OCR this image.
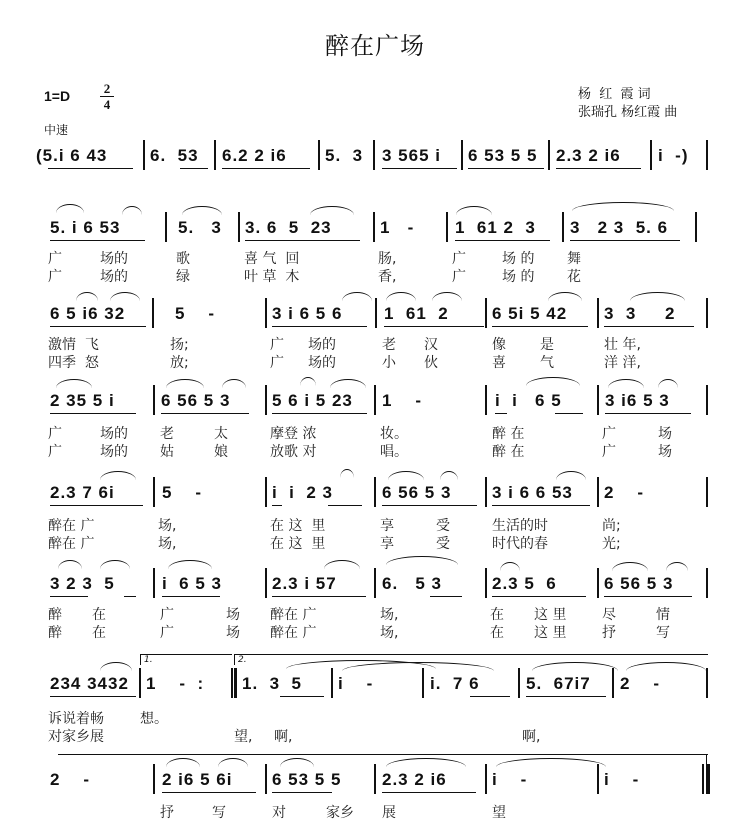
醉在广场
1=D	2
4
杨  红  霞 词
张瑞孔 杨红霞 曲
中速
(5.i 6 43	6.  53 6.2 2 i6 5.  3 3 565 i 6 53 5 5 2.3 2 i6 i  -)
5. i 6 53	5.   3 3. 6  5  23	1   - 1  61 2  3 3   2 3  5. 6
广	场的	歌	喜 气  回	肠,	广	场 的 舞
广	场的	绿	叶 草  木	香,	广	场 的 花
6 5 i6 32	5    -	3 i 6 5 6 1  61  2	6 5i 5 42 3  3     2
激情  飞	扬;	广 场的	老 汉	像 是	壮 年,
四季  怒	放;	广 场的	小 伙	喜 气	洋 洋,
2 35 5 i	6 56 5 3 5 6 i 5 23 1    -	i  i   6 5	3 i6 5 3
广	场的 老	太	摩登 浓	妆。	醉 在	广	场
广	场的 姑	娘	放歌 对	唱。	醉 在	广	场
2.3 7 6i	5    -	i  i  2 3	6 56 5 3 3 i 6 6 53 2    -
醉在 广	场,	在 这  里	享	受	生活的时	尚;
醉在 广	场,	在 这  里	享	受	时代的春	光;
3 2 3  5	i  6 5 3	2.3 i 57	6.   5 3	2.3 5  6	6 56 5 3
醉 在	广	场 醉在 广	场,	在 这 里	尽	情
醉 在	广	场 醉在 广	场,	在 这 里	抒	写
1.	2.
234 3432 1    -  : 1.  3  5 i    -	i.  7 6	5.  67i7 2    -
诉说着畅	想。
对家乡展	望, 啊,	啊,
2    -	2 i6 5 6i 6 53 5 5 2.3 2 i6	i    -	i    -
抒	写	对	家乡 展	望
